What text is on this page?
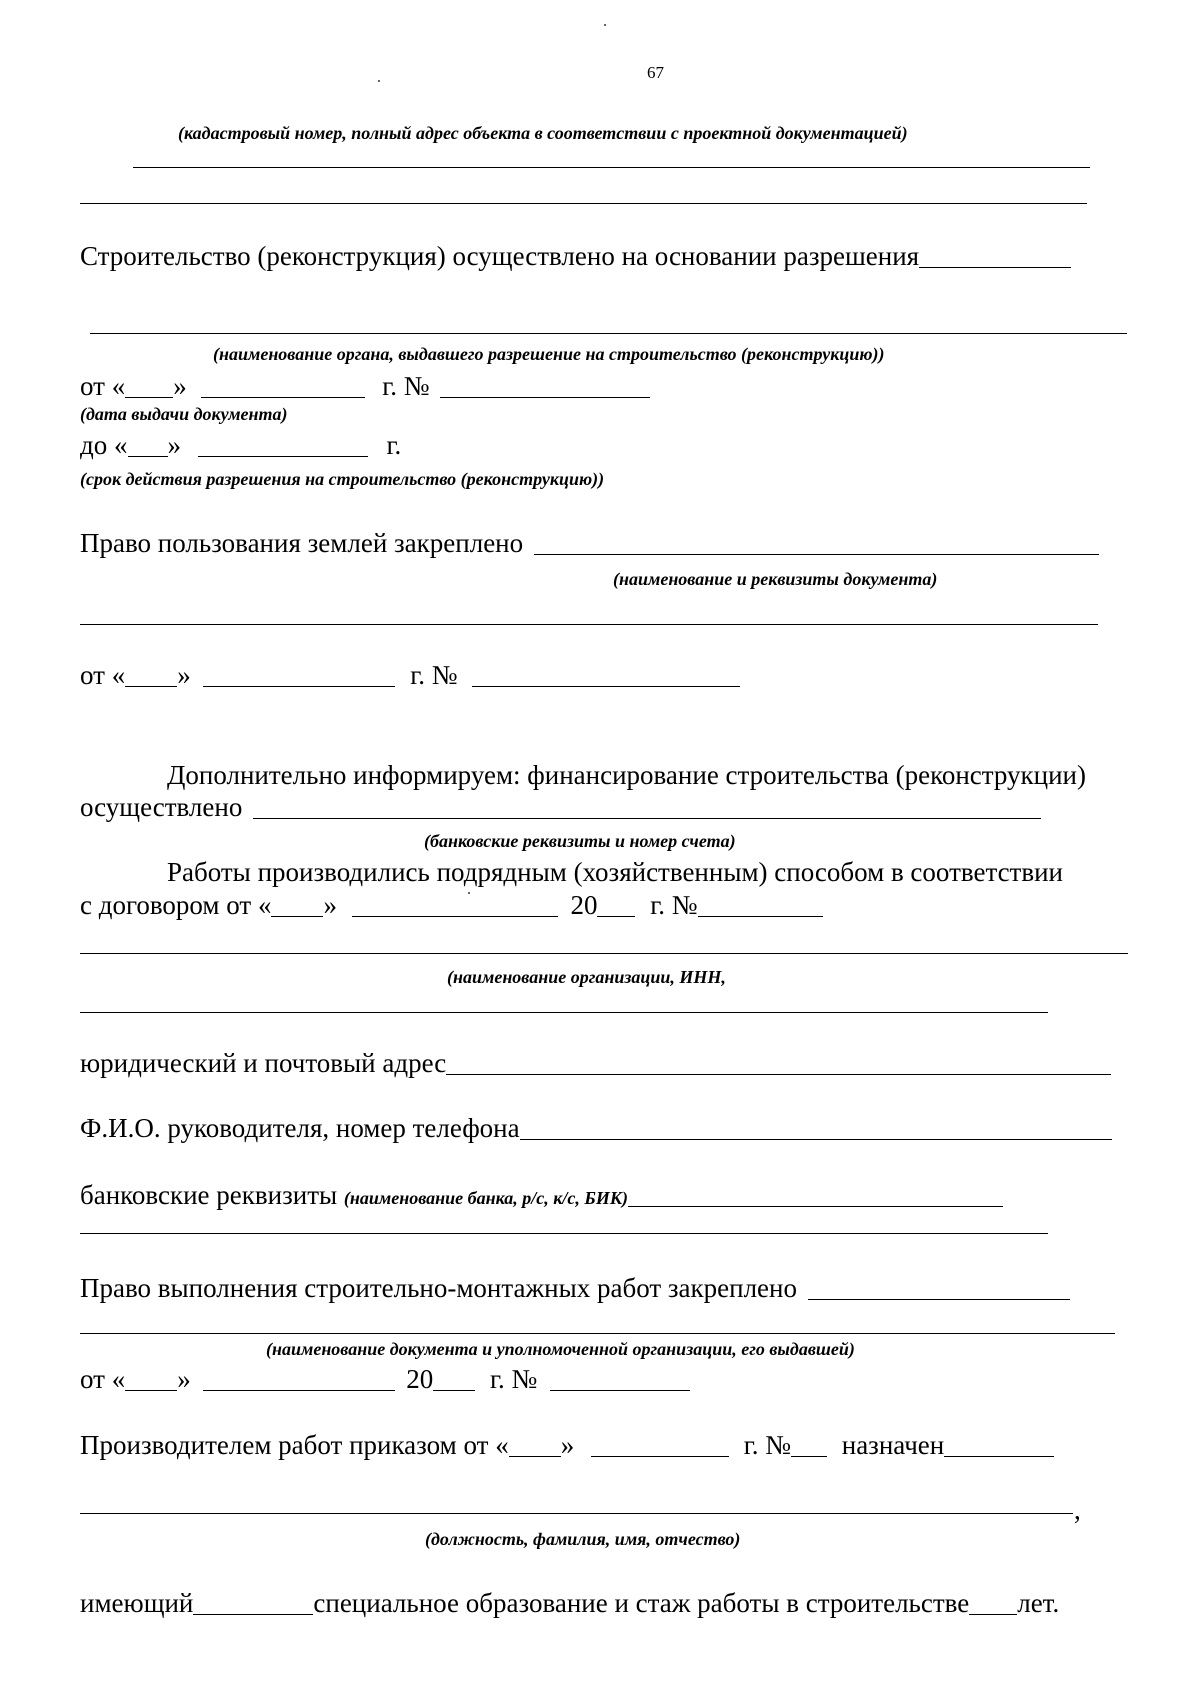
67
(кадастровый номер, полный адрес объекта в соответствии с проектной документацией)
Строительство (реконструкция) осуществлено на основании разрешения
(наименование органа, выдавшего разрешение на строительство (реконструкцию))
от « »	г. №
(дата выдачи документа)
до « »	г.
(срок действия разрешения на строительство (реконструкцию))
Право пользования землей закреплено
(наименование и реквизиты документа)
от « »	г. №
Дополнительно информируем: финансирование строительства (реконструкции)
осуществлено
(банковские реквизиты и номер счета)
Работы производились подрядным (хозяйственным) способом в соответствии
с договором от « »	20 г. №
(наименование организации, ИНН,
юридический и почтовый адрес
Ф.И.О. руководителя, номер телефона
банковские реквизиты (наименование банка, р/с, к/с, БИК)
Право выполнения строительно-монтажных работ закреплено
(наименование документа и уполномоченной организации, его выдавшей)
от « »	20 г. №
Производителем работ приказом от « »	г. № назначен
,
(должность, фамилия, имя, отчество)
имеющий	специальное образование и стаж работы в строительстве лет.
